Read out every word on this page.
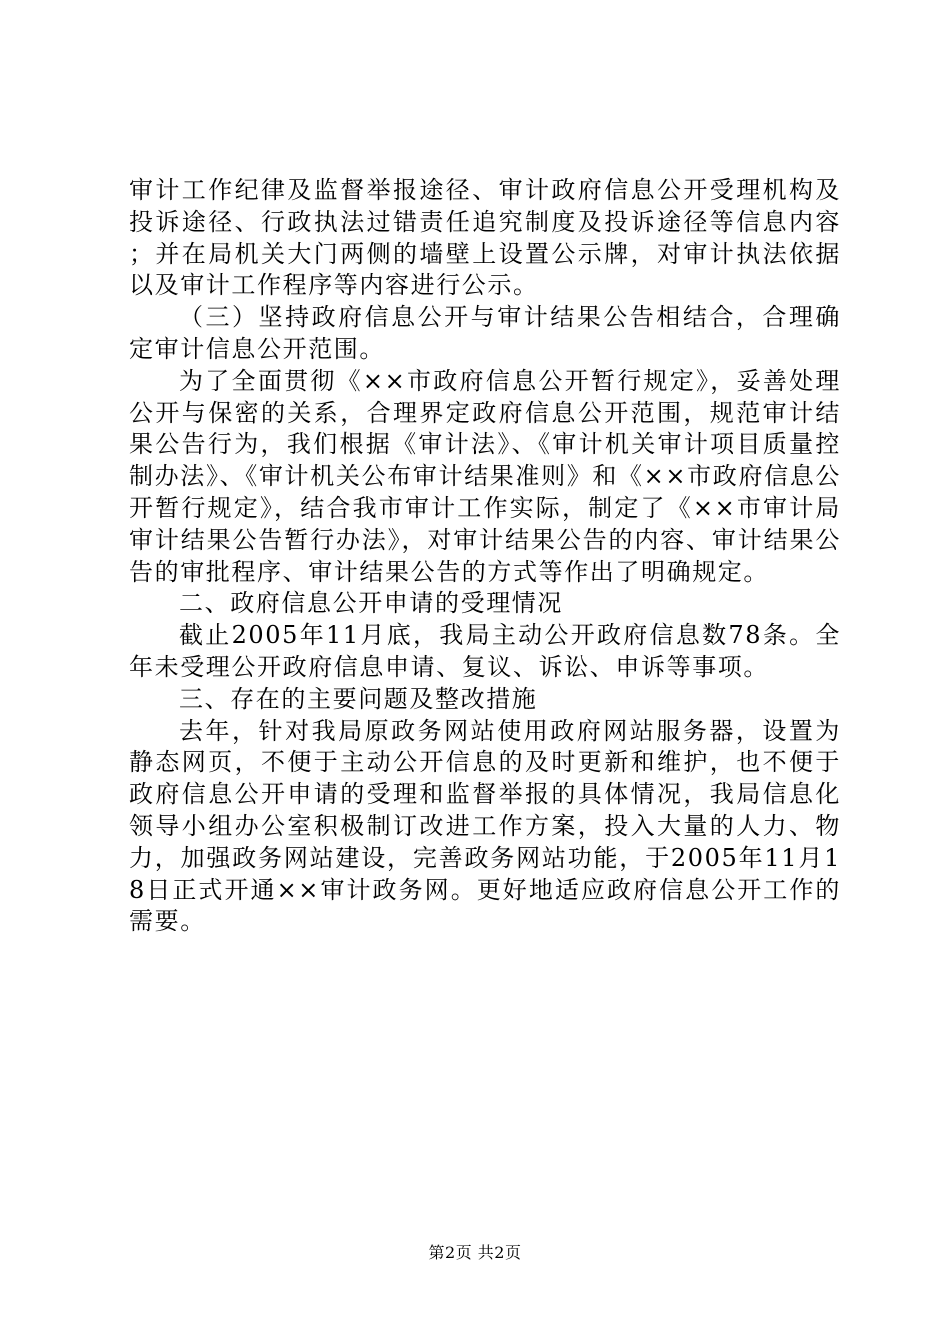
审计工作纪律及监督举报途径、审计政府信息公开受理机构及投诉途径、行政执法过错责任追究制度及投诉途径等信息内容；并在局机关大门两侧的墙壁上设置公示牌，对审计执法依据以及审计工作程序等内容进行公示。

（三）坚持政府信息公开与审计结果公告相结合，合理确定审计信息公开范围。

为了全面贯彻《××市政府信息公开暂行规定》，妥善处理公开与保密的关系，合理界定政府信息公开范围，规范审计结果公告行为，我们根据《审计法》、《审计机关审计项目质量控制办法》、《审计机关公布审计结果准则》和《××市政府信息公开暂行规定》，结合我市审计工作实际，制定了《××市审计局审计结果公告暂行办法》，对审计结果公告的内容、审计结果公告的审批程序、审计结果公告的方式等作出了明确规定。

二、政府信息公开申请的受理情况

截止2005年11月底，我局主动公开政府信息数78条。全年未受理公开政府信息申请、复议、诉讼、申诉等事项。

三、存在的主要问题及整改措施

去年，针对我局原政务网站使用政府网站服务器，设置为静态网页，不便于主动公开信息的及时更新和维护，也不便于政府信息公开申请的受理和监督举报的具体情况，我局信息化领导小组办公室积极制订改进工作方案，投入大量的人力、物力，加强政务网站建设，完善政务网站功能，于2005年11月18日正式开通××审计政务网。更好地适应政府信息公开工作的需要。

第2页 共2页
